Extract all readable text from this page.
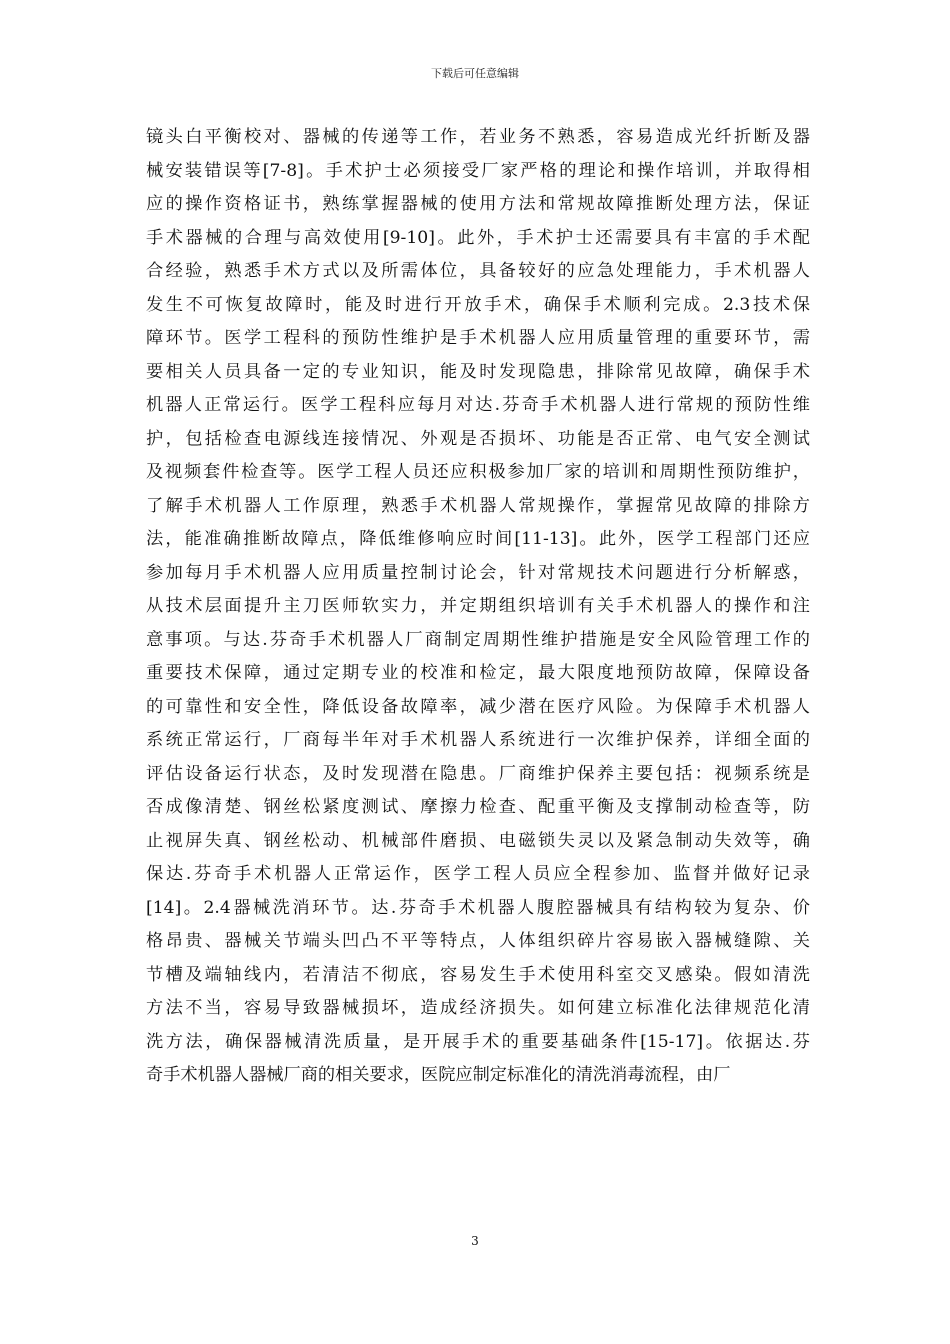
下载后可任意编辑
镜头白平衡校对、器械的传递等工作，若业务不熟悉，容易造成光纤折断及器
械安装错误等[7-8]。手术护士必须接受厂家严格的理论和操作培训，并取得相
应的操作资格证书，熟练掌握器械的使用方法和常规故障推断处理方法，保证
手术器械的合理与高效使用[9-10]。此外，手术护士还需要具有丰富的手术配
合经验，熟悉手术方式以及所需体位，具备较好的应急处理能力，手术机器人
发生不可恢复故障时，能及时进行开放手术，确保手术顺利完成。2.3技术保
障环节。医学工程科的预防性维护是手术机器人应用质量管理的重要环节，需
要相关人员具备一定的专业知识，能及时发现隐患，排除常见故障，确保手术
机器人正常运行。医学工程科应每月对达.芬奇手术机器人进行常规的预防性维
护，包括检查电源线连接情况、外观是否损坏、功能是否正常、电气安全测试
及视频套件检查等。医学工程人员还应积极参加厂家的培训和周期性预防维护，
了解手术机器人工作原理，熟悉手术机器人常规操作，掌握常见故障的排除方
法，能准确推断故障点，降低维修响应时间[11-13]。此外，医学工程部门还应
参加每月手术机器人应用质量控制讨论会，针对常规技术问题进行分析解惑，
从技术层面提升主刀医师软实力，并定期组织培训有关手术机器人的操作和注
意事项。与达.芬奇手术机器人厂商制定周期性维护措施是安全风险管理工作的
重要技术保障，通过定期专业的校准和检定，最大限度地预防故障，保障设备
的可靠性和安全性，降低设备故障率，减少潜在医疗风险。为保障手术机器人
系统正常运行，厂商每半年对手术机器人系统进行一次维护保养，详细全面的
评估设备运行状态，及时发现潜在隐患。厂商维护保养主要包括：视频系统是
否成像清楚、钢丝松紧度测试、摩擦力检查、配重平衡及支撑制动检查等，防
止视屏失真、钢丝松动、机械部件磨损、电磁锁失灵以及紧急制动失效等，确
保达.芬奇手术机器人正常运作，医学工程人员应全程参加、监督并做好记录
[14]。2.4器械洗消环节。达.芬奇手术机器人腹腔器械具有结构较为复杂、价
格昂贵、器械关节端头凹凸不平等特点，人体组织碎片容易嵌入器械缝隙、关
节槽及端轴线内，若清洁不彻底，容易发生手术使用科室交叉感染。假如清洗
方法不当，容易导致器械损坏，造成经济损失。如何建立标准化法律规范化清
洗方法，确保器械清洗质量，是开展手术的重要基础条件[15-17]。依据达.芬
奇手术机器人器械厂商的相关要求，医院应制定标准化的清洗消毒流程，由厂
3
